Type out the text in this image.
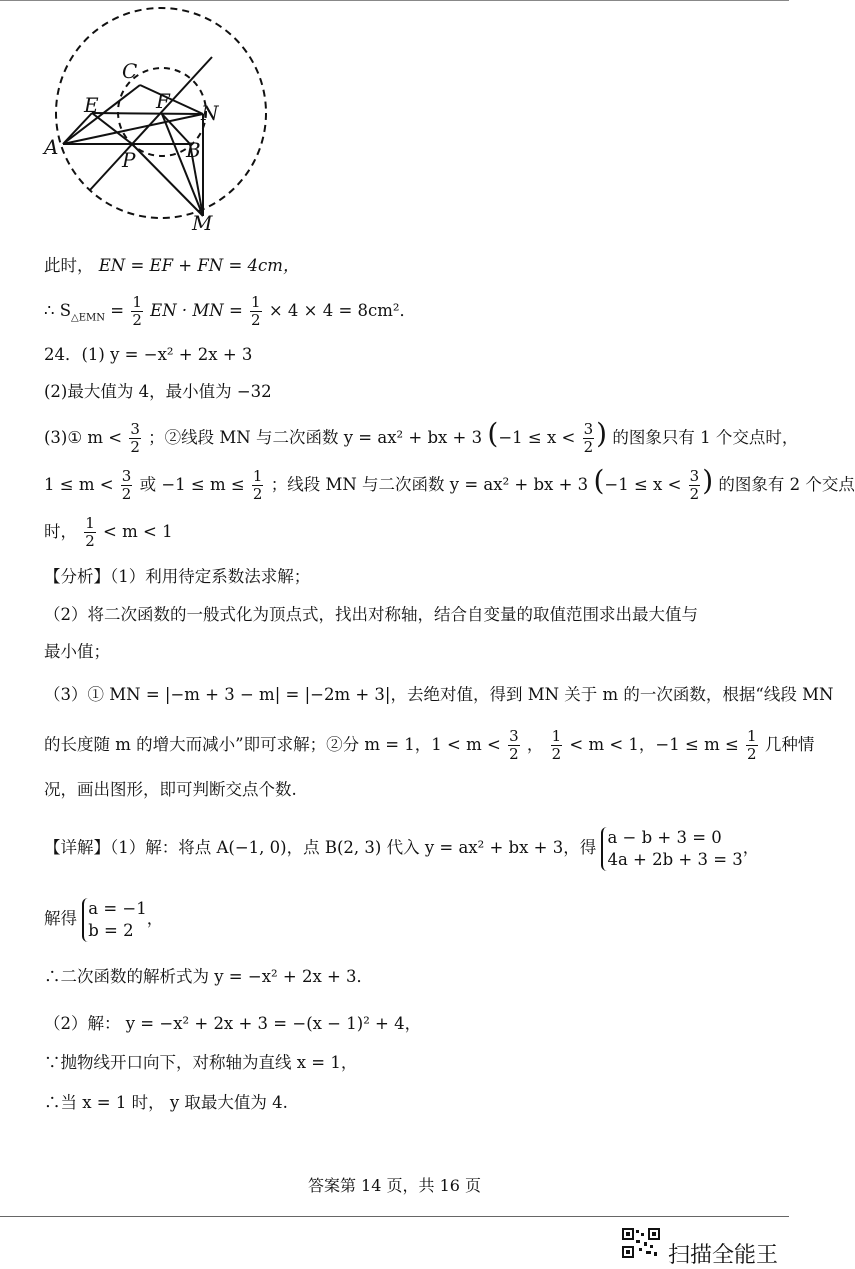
C
E	F N
A
P	B
M
此时， EN = EF + FN = 4cm，
∴ $S_{\triangle EMN} = \frac{1}{2}$ EN · MN = $\frac{1}{2} \times 4 \times 4 = 8cm^2$．
24．(1) y = −x² + 2x + 3
(2)最大值为 4，最小值为 −32
(3)① $m < \frac{3}{2}$ ；②线段 MN 与二次函数 y = ax² + bx + 3 ($-1 \le x < \frac{3}{2}$ ) 的图象只有 1 个交点时，
$1 \le m < \frac{3}{2}$ 或 $-1 \le m \le \frac{1}{2}$ ；线段 MN 与二次函数 y = ax² + bx + 3 ($-1 \le x < \frac{3}{2}$ ) 的图象有 2 个交点
时， $\frac{1}{2} < m < 1$
【分析】（1）利用待定系数法求解；
（2）将二次函数的一般式化为顶点式，找出对称轴，结合自变量的取值范围求出最大值与
最小值；
（3）① MN = |−m + 3 − m| = |−2m + 3|，去绝对值，得到 MN 关于 m 的一次函数，根据“线段 MN
的长度随 m 的增大而减小”即可求解；②分 m = 1，$1 < m < \frac{3}{2}$ ， $\frac{1}{2} < m < 1$，$-1 \le m \le \frac{1}{2}$ 几种情
况，画出图形，即可判断交点个数.
【详解】（1）解：将点 A(−1, 0)，点 B(2, 3) 代入 y = ax² + bx + 3，得
a − b + 3 = 0
4a + 2b + 3 = 3
，
解得
a = −1
b = 2
，
∴二次函数的解析式为 y = −x² + 2x + 3．
（2）解： y = −x² + 2x + 3 = −(x − 1)² + 4，
∵抛物线开口向下，对称轴为直线 x = 1，
∴当 x = 1 时， y 取最大值为 4.
答案第 14 页，共 16 页
扫描全能王
